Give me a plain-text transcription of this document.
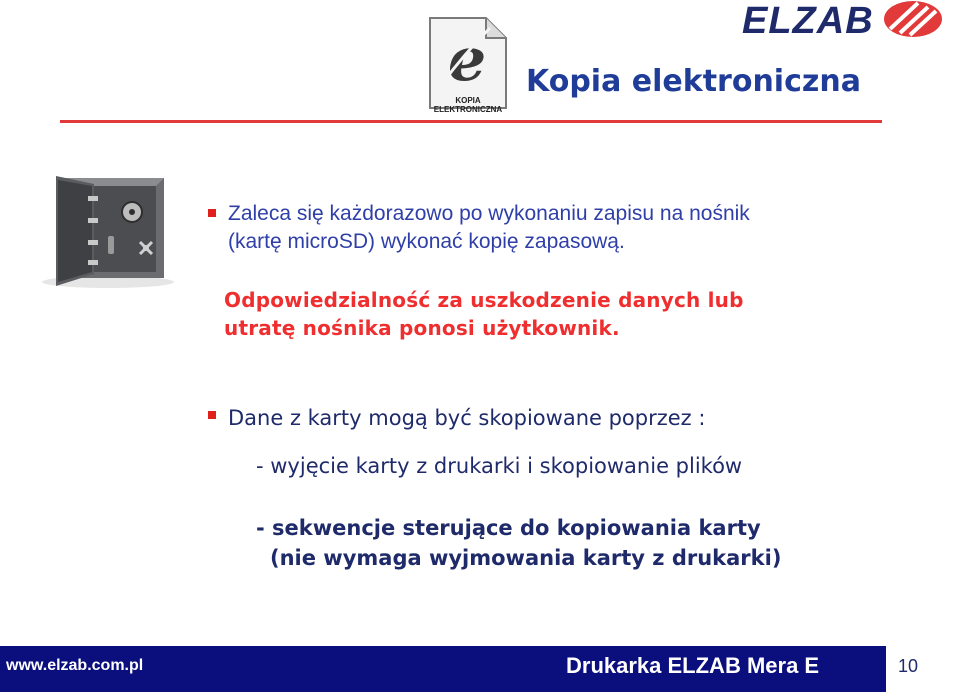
e
KOPIA ELEKTRONICZNA
ELZAB
Kopia elektroniczna
Zaleca się każdorazowo po wykonaniu zapisu na nośnik
(kartę microSD) wykonać kopię zapasową.
Odpowiedzialność za uszkodzenie danych lub
utratę nośnika ponosi użytkownik.
Dane z karty mogą być skopiowane poprzez :
- wyjęcie karty z drukarki i skopiowanie plików
- sekwencje sterujące do kopiowania karty
(nie wymaga wyjmowania karty z drukarki)
www.elzab.com.pl	Drukarka ELZAB Mera E	10
